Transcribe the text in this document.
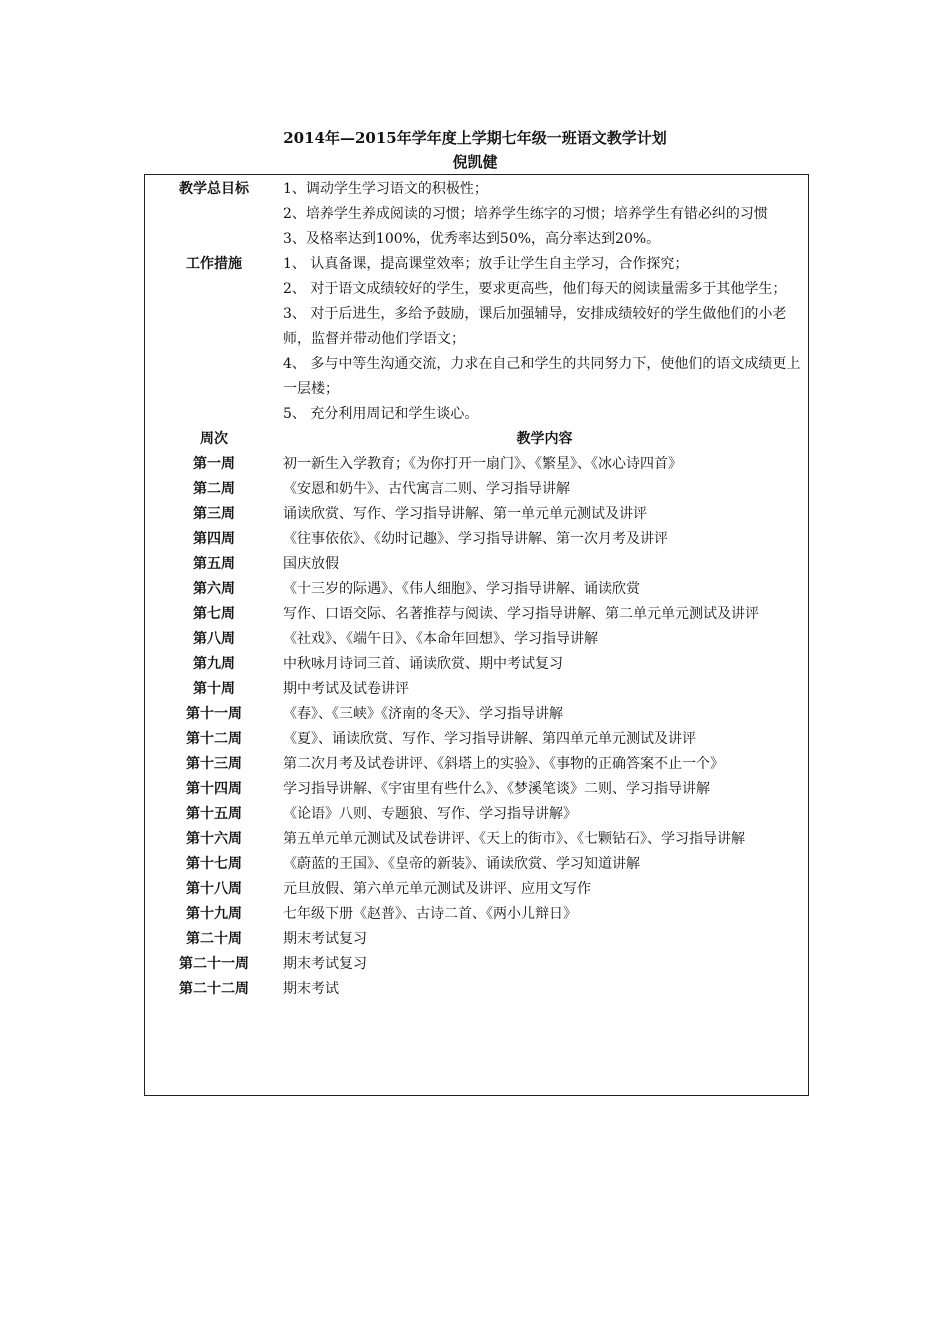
2014年—2015年学年度上学期七年级一班语文教学计划
倪凯健
教学总目标	1、调动学生学习语文的积极性；
2、培养学生养成阅读的习惯；培养学生练字的习惯；培养学生有错必纠的习惯
3、及格率达到100%，优秀率达到50%，高分率达到20%。
工作措施	1、 认真备课，提高课堂效率；放手让学生自主学习，合作探究；
2、 对于语文成绩较好的学生，要求更高些，他们每天的阅读量需多于其他学生；
3、 对于后进生，多给予鼓励，课后加强辅导，安排成绩较好的学生做他们的小老师，监督并带动他们学语文；
4、 多与中等生沟通交流，力求在自己和学生的共同努力下，使他们的语文成绩更上一层楼；
5、 充分利用周记和学生谈心。
周次	教学内容
第一周	初一新生入学教育；《为你打开一扇门》、《繁星》、《冰心诗四首》
第二周	《安恩和奶牛》、古代寓言二则、学习指导讲解
第三周	诵读欣赏、写作、学习指导讲解、第一单元单元测试及讲评
第四周	《往事依依》、《幼时记趣》、学习指导讲解、第一次月考及讲评
第五周	国庆放假
第六周	《十三岁的际遇》、《伟人细胞》、学习指导讲解、诵读欣赏
第七周	写作、口语交际、名著推荐与阅读、学习指导讲解、第二单元单元测试及讲评
第八周	《社戏》、《端午日》、《本命年回想》、学习指导讲解
第九周	中秋咏月诗词三首、诵读欣赏、期中考试复习
第十周	期中考试及试卷讲评
第十一周	《春》、《三峡》《济南的冬天》、学习指导讲解
第十二周	《夏》、诵读欣赏、写作、学习指导讲解、第四单元单元测试及讲评
第十三周	第二次月考及试卷讲评、《斜塔上的实验》、《事物的正确答案不止一个》
第十四周	学习指导讲解、《宇宙里有些什么》、《梦溪笔谈》二则、学习指导讲解
第十五周	《论语》八则、专题狼、写作、学习指导讲解》
第十六周	第五单元单元测试及试卷讲评、《天上的街市》、《七颗钻石》、学习指导讲解
第十七周	《蔚蓝的王国》、《皇帝的新装》、诵读欣赏、学习知道讲解
第十八周	元旦放假、第六单元单元测试及讲评、应用文写作
第十九周	七年级下册《赵普》、古诗二首、《两小儿辩日》
第二十周	期末考试复习
第二十一周	期末考试复习
第二十二周	期末考试
